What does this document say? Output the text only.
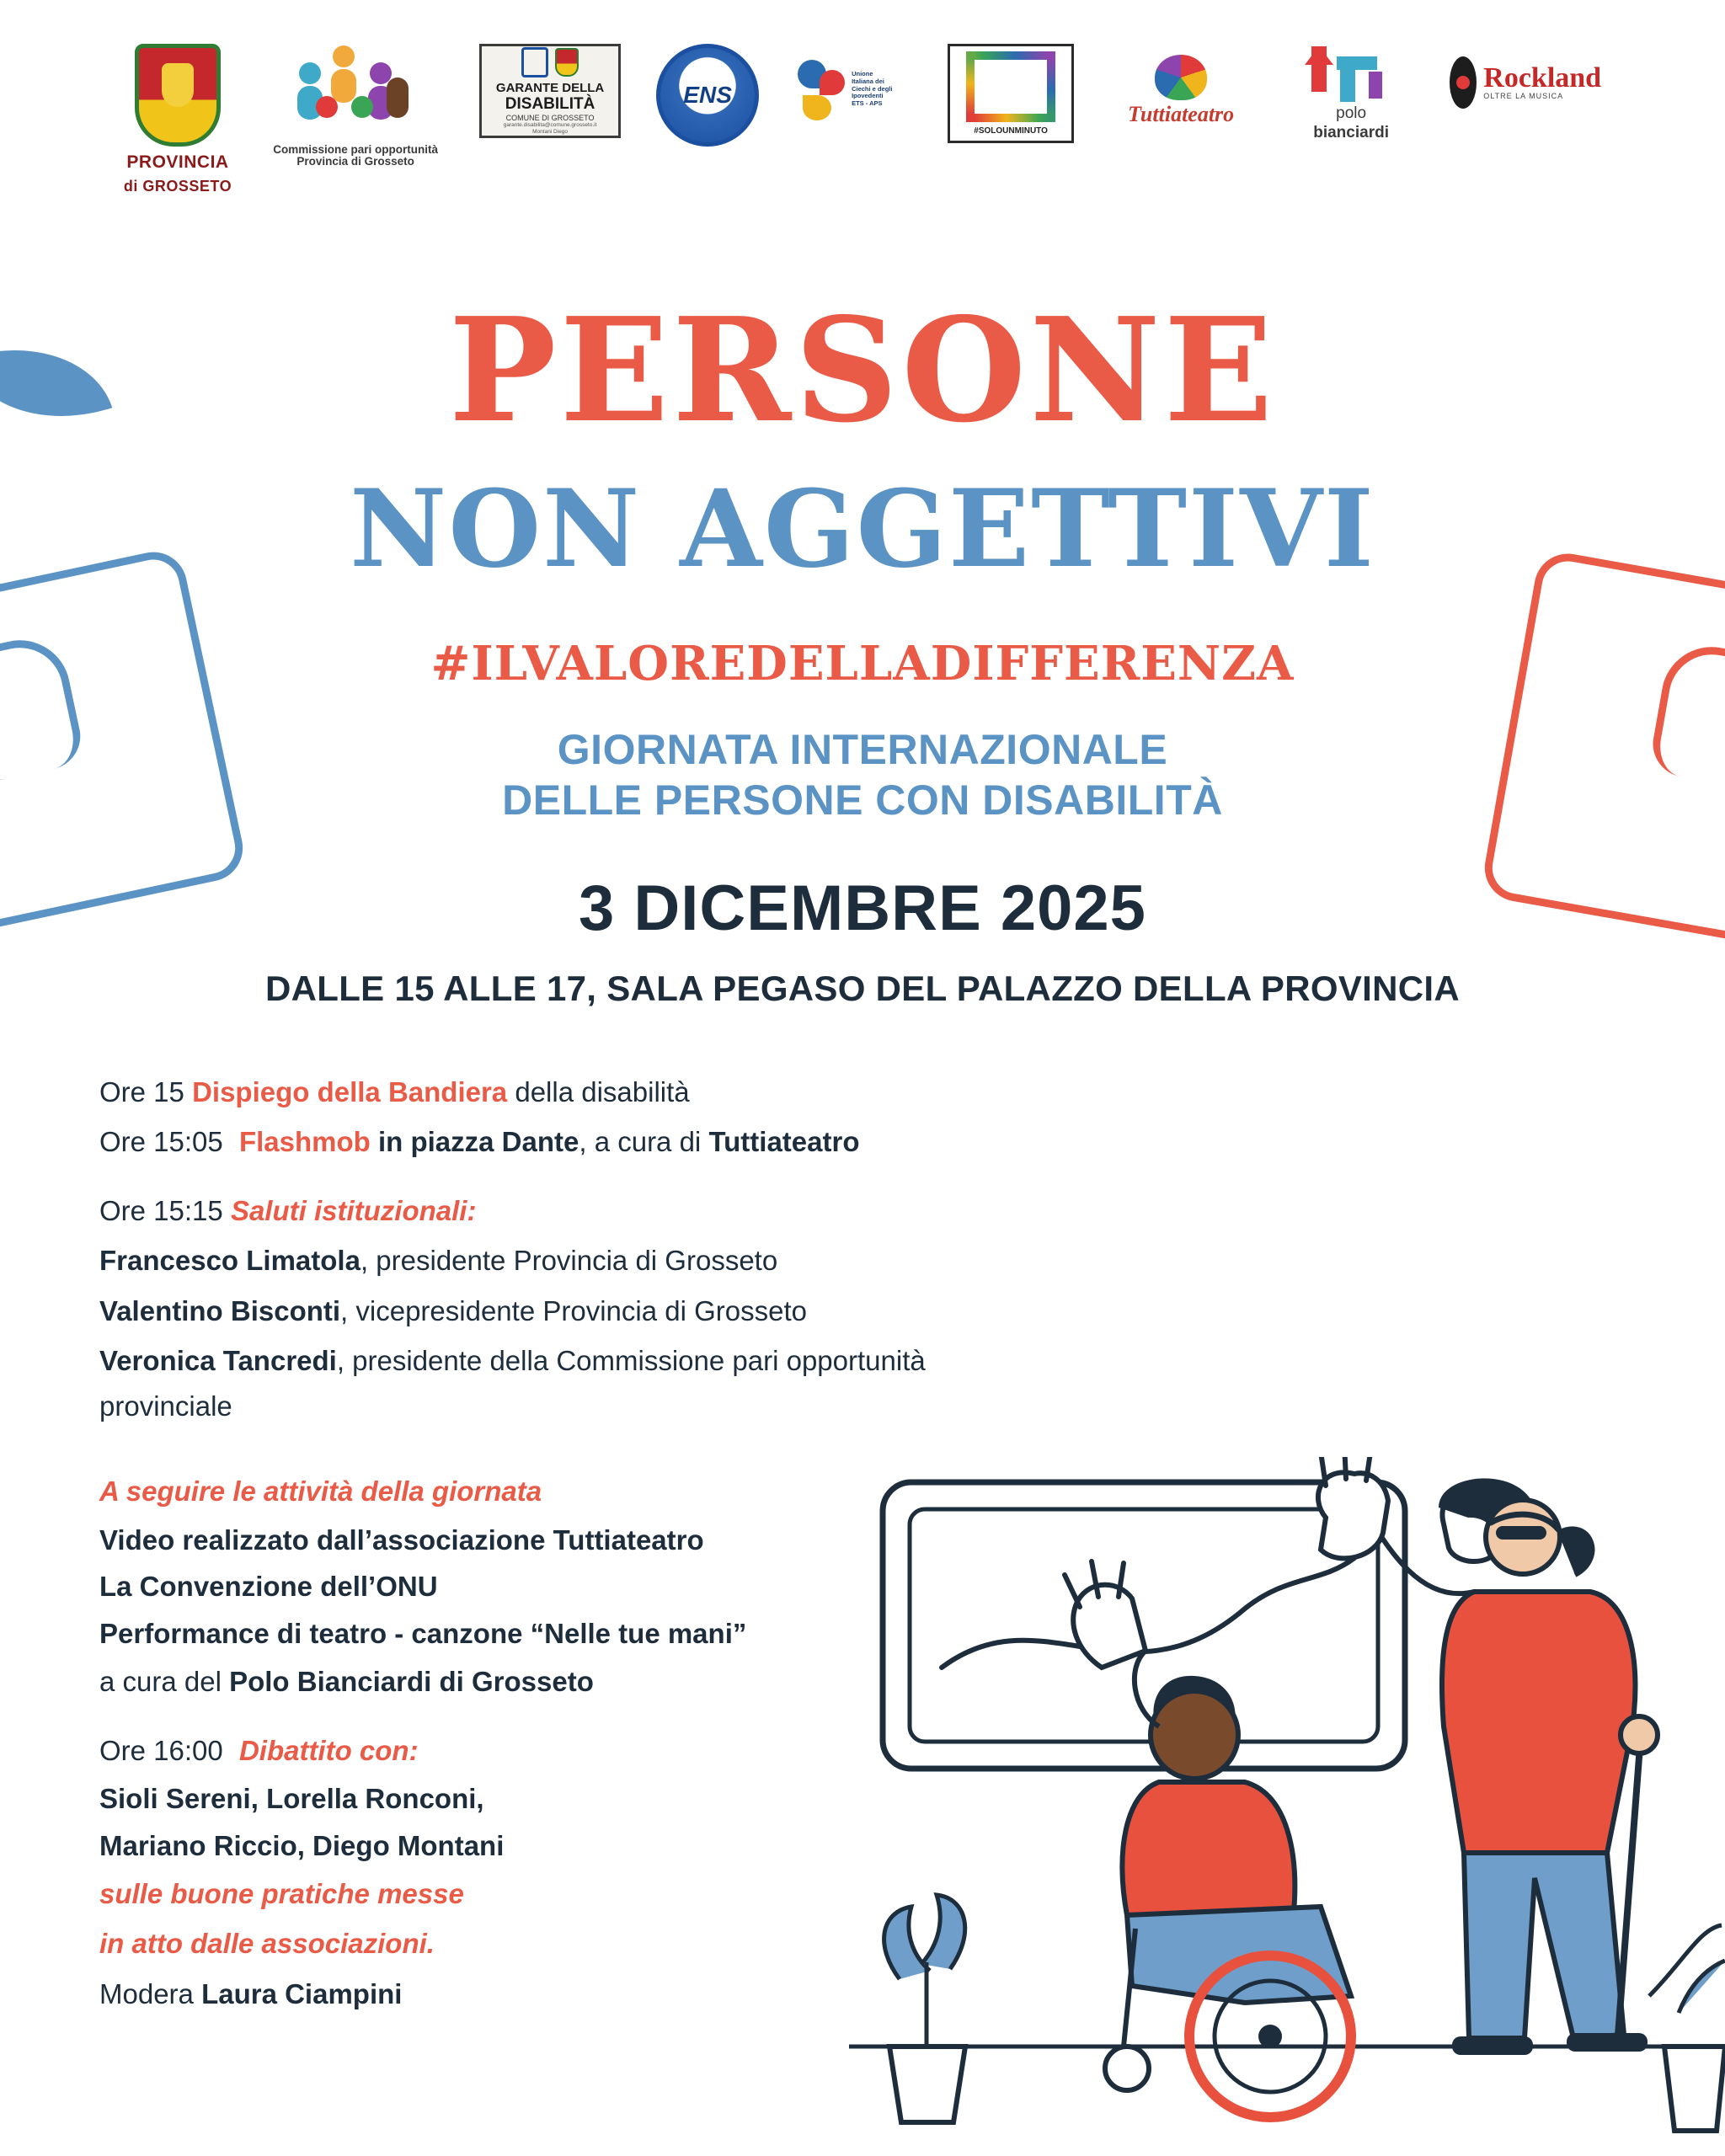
PROVINCIA
di GROSSETO
Commissione pari opportunità Provincia di Grosseto
GARANTE DELLA
DISABILITÀ
COMUNE DI GROSSETO
garante.disabilita@comune.grosseto.it
Montani Diego
ENS
Unione
Italiana dei
Ciechi e degli
Ipovedenti
ETS - APS
#SOLOUNMINUTO
Tuttiateatro	polo
bianciardi
Rockland
OLTRE LA MUSICA
PERSONE
NON AGGETTIVI
#ILVALOREDELLADIFFERENZA
GIORNATA INTERNAZIONALE
DELLE PERSONE CON DISABILITÀ
3 DICEMBRE 2025
DALLE 15 ALLE 17, SALA PEGASO DEL PALAZZO DELLA PROVINCIA
Ore 15 Dispiego della Bandiera della disabilità
Ore 15:05 Flashmob in piazza Dante, a cura di Tuttiateatro
Ore 15:15 Saluti istituzionali:
Francesco Limatola, presidente Provincia di Grosseto
Valentino Bisconti, vicepresidente Provincia di Grosseto
Veronica Tancredi, presidente della Commissione pari opportunità provinciale
A seguire le attività della giornata
Video realizzato dall’associazione Tuttiateatro
La Convenzione dell’ONU
Performance di teatro - canzone “Nelle tue mani”
a cura del Polo Bianciardi di Grosseto
Ore 16:00 Dibattito con:
Sioli Sereni, Lorella Ronconi,
Mariano Riccio, Diego Montani
sulle buone pratiche messe
in atto dalle associazioni.
Modera Laura Ciampini
